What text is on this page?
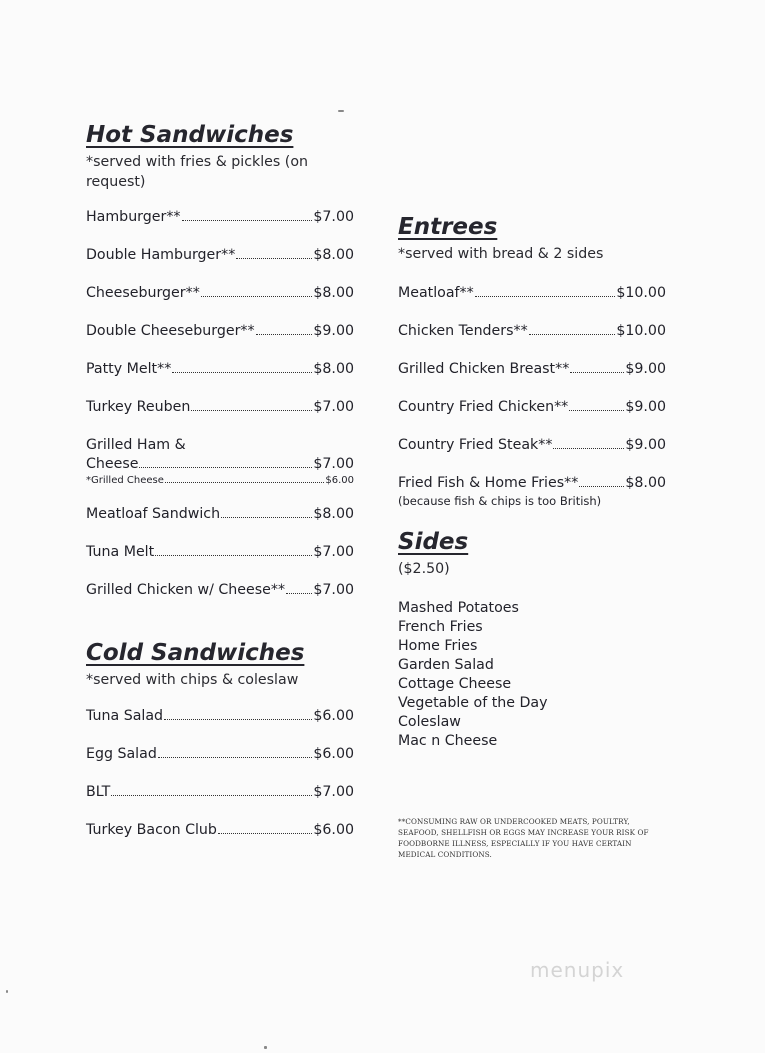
Hot Sandwiches
*served with fries & pickles (on request)
Hamburger**	$7.00
Double Hamburger**	$8.00
Cheeseburger**	$8.00
Double Cheeseburger**	$9.00
Patty Melt**	$8.00
Turkey Reuben	$7.00
Grilled Ham &
Cheese	$7.00
*Grilled Cheese	$6.00
Meatloaf Sandwich	$8.00
Tuna Melt	$7.00
Grilled Chicken w/ Cheese** $7.00
Cold Sandwiches
*served with chips & coleslaw
Tuna Salad	$6.00
Egg Salad	$6.00
BLT	$7.00
Turkey Bacon Club	$6.00
Entrees
*served with bread & 2 sides
Meatloaf**	$10.00
Chicken Tenders**	$10.00
Grilled Chicken Breast**	$9.00
Country Fried Chicken**	$9.00
Country Fried Steak**	$9.00
Fried Fish & Home Fries**	$8.00
(because fish & chips is too British)
Sides
($2.50)
Mashed Potatoes
French Fries
Home Fries
Garden Salad
Cottage Cheese
Vegetable of the Day
Coleslaw
Mac n Cheese
**CONSUMING RAW OR UNDERCOOKED MEATS, POULTRY, SEAFOOD, SHELLFISH OR EGGS MAY INCREASE YOUR RISK OF FOODBORNE ILLNESS, ESPECIALLY IF YOU HAVE CERTAIN MEDICAL CONDITIONS.
menupix
